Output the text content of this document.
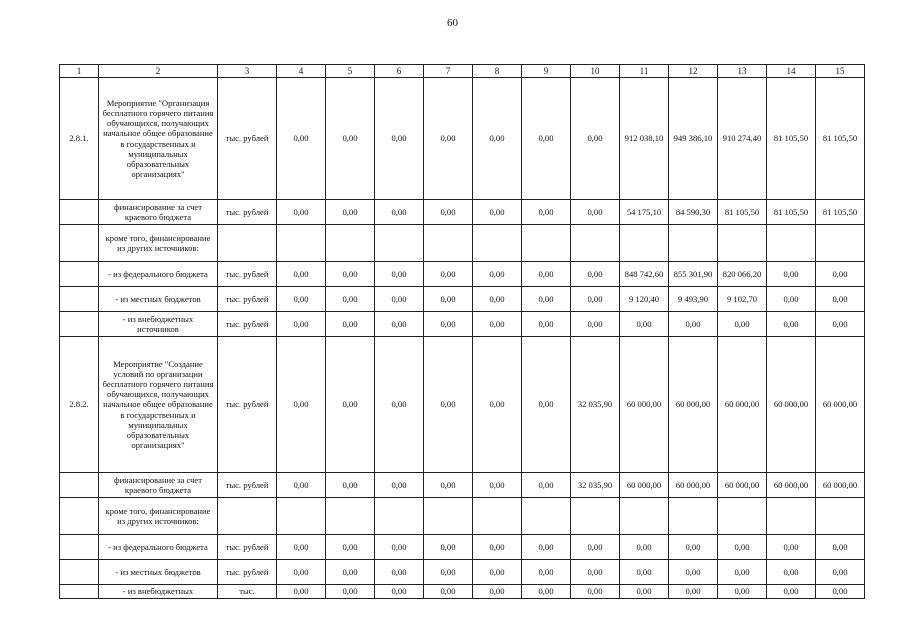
60
1	2	3	4	5	6	7	8	9	10	11	12	13	14	15
2.8.1.	Мероприятие "Организация бесплатного горячего питания обучающихся, получающих начальное общее образование в государственных и муниципальных образовательных организациях"	тыс. рублей	0,00	0,00	0,00	0,00	0,00	0,00	0,00	912 038,10	949 386,10	910 274,40	81 105,50	81 105,50
	финансирование за счет краевого бюджета	тыс. рублей	0,00	0,00	0,00	0,00	0,00	0,00	0,00	54 175,10	84 590,30	81 105,50	81 105,50	81 105,50
	кроме того, финансирование из других источников:													
	- из федерального бюджета	тыс. рублей	0,00	0,00	0,00	0,00	0,00	0,00	0,00	848 742,60	855 301,90	820 066,20	0,00	0,00
	- из местных бюджетов	тыс. рублей	0,00	0,00	0,00	0,00	0,00	0,00	0,00	9 120,40	9 493,90	9 102,70	0,00	0,00
	- из внебюджетных источников	тыс. рублей	0,00	0,00	0,00	0,00	0,00	0,00	0,00	0,00	0,00	0,00	0,00	0,00
2.8.2.	Мероприятие "Создание условий по организации бесплатного горячего питания обучающихся, получающих начальное общее образование в государственных и муниципальных образовательных организациях"	тыс. рублей	0,00	0,00	0,00	0,00	0,00	0,00	32 035,90	60 000,00	60 000,00	60 000,00	60 000,00	60 000,00
	финансирование за счет краевого бюджета	тыс. рублей	0,00	0,00	0,00	0,00	0,00	0,00	32 035,90	60 000,00	60 000,00	60 000,00	60 000,00	60 000,00
	кроме того, финансирование из других источников:													
	- из федерального бюджета	тыс. рублей	0,00	0,00	0,00	0,00	0,00	0,00	0,00	0,00	0,00	0,00	0,00	0,00
	- из местных бюджетов	тыс. рублей	0,00	0,00	0,00	0,00	0,00	0,00	0,00	0,00	0,00	0,00	0,00	0,00
	- из внебюджетных	тыс.	0,00	0,00	0,00	0,00	0,00	0,00	0,00	0,00	0,00	0,00	0,00	0,00
